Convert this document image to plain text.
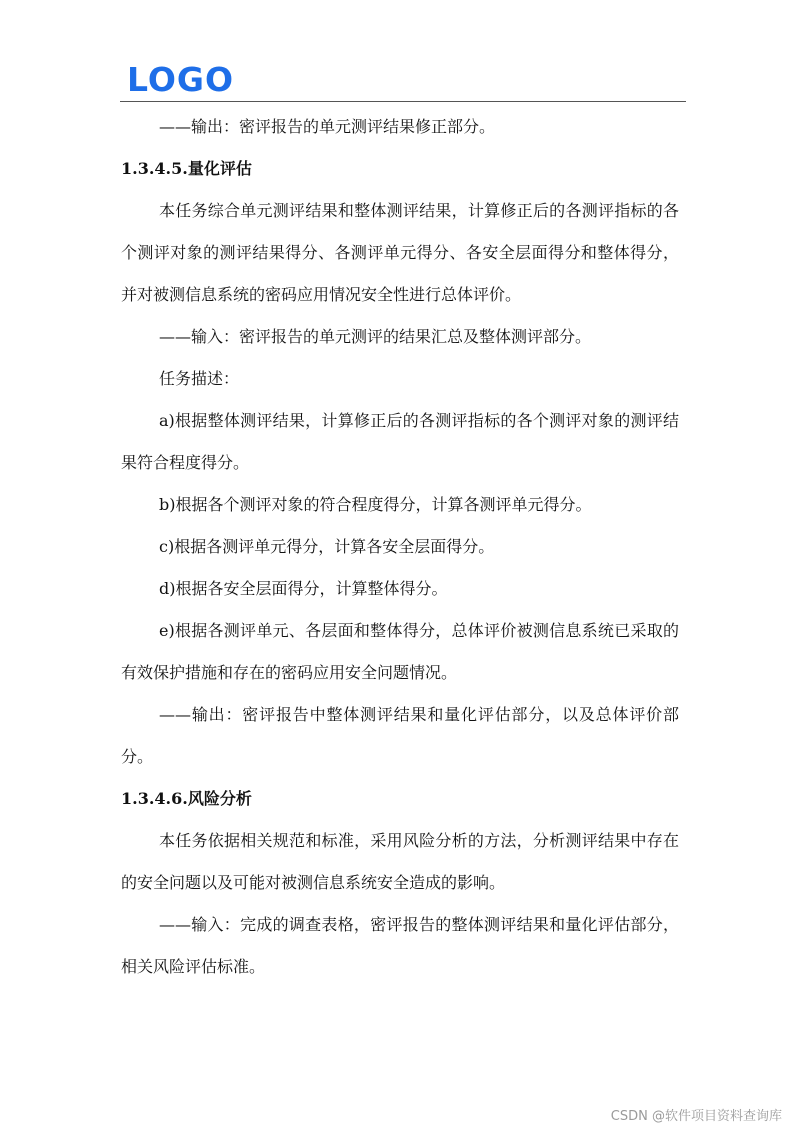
LOGO

——输出：密评报告的单元测评结果修正部分。

1.3.4.5.量化评估

本任务综合单元测评结果和整体测评结果，计算修正后的各测评指标的各个测评对象的测评结果得分、各测评单元得分、各安全层面得分和整体得分，并对被测信息系统的密码应用情况安全性进行总体评价。

——输入：密评报告的单元测评的结果汇总及整体测评部分。

任务描述：

a)根据整体测评结果，计算修正后的各测评指标的各个测评对象的测评结果符合程度得分。

b)根据各个测评对象的符合程度得分，计算各测评单元得分。

c)根据各测评单元得分，计算各安全层面得分。

d)根据各安全层面得分，计算整体得分。

e)根据各测评单元、各层面和整体得分，总体评价被测信息系统已采取的有效保护措施和存在的密码应用安全问题情况。

——输出：密评报告中整体测评结果和量化评估部分，以及总体评价部分。

1.3.4.6.风险分析

本任务依据相关规范和标准，采用风险分析的方法，分析测评结果中存在的安全问题以及可能对被测信息系统安全造成的影响。

——输入：完成的调查表格，密评报告的整体测评结果和量化评估部分，相关风险评估标准。

CSDN @软件项目资料查询库
